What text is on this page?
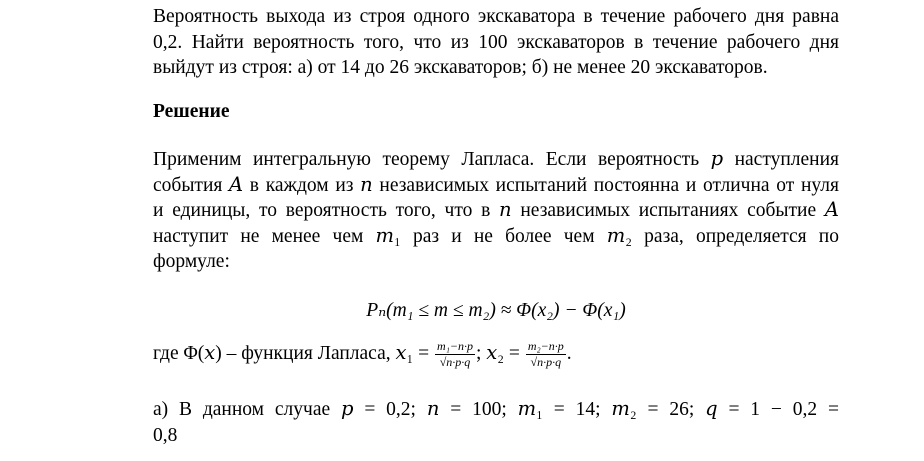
Вероятность выхода из строя одного экскаватора в течение рабочего дня равна
0,2. Найти вероятность того, что из 100 экскаваторов в течение рабочего дня
выйдут из строя: а) от 14 до 26 экскаваторов; б) не менее 20 экскаваторов.
Решение
Применим интегральную теорему Лапласа. Если вероятность 𝑝 наступления
события 𝐴 в каждом из 𝑛 независимых испытаний постоянна и отлична от нуля
и единицы, то вероятность того, что в 𝑛 независимых испытаниях событие 𝐴
наступит не менее чем 𝑚₁ раз и не более чем 𝑚₂ раза, определяется по
формуле:
Pₙ(m₁ ≤ m ≤ m₂) ≈ Φ(x₂) − Φ(x₁)
где Φ(𝑥) – функция Лапласа, 𝑥₁ = $\frac{\text{m₁−n·p}}{√n\cdot p\cdot q}$ ; 𝑥₂ = $\frac{\text{m₂−n·p}}{√n\cdot p\cdot q}$ .
а) В данном случае 𝑝 = 0,2; 𝑛 = 100; 𝑚₁ = 14; 𝑚₂ = 26; 𝑞 = 1 − 0,2 =
0,8
